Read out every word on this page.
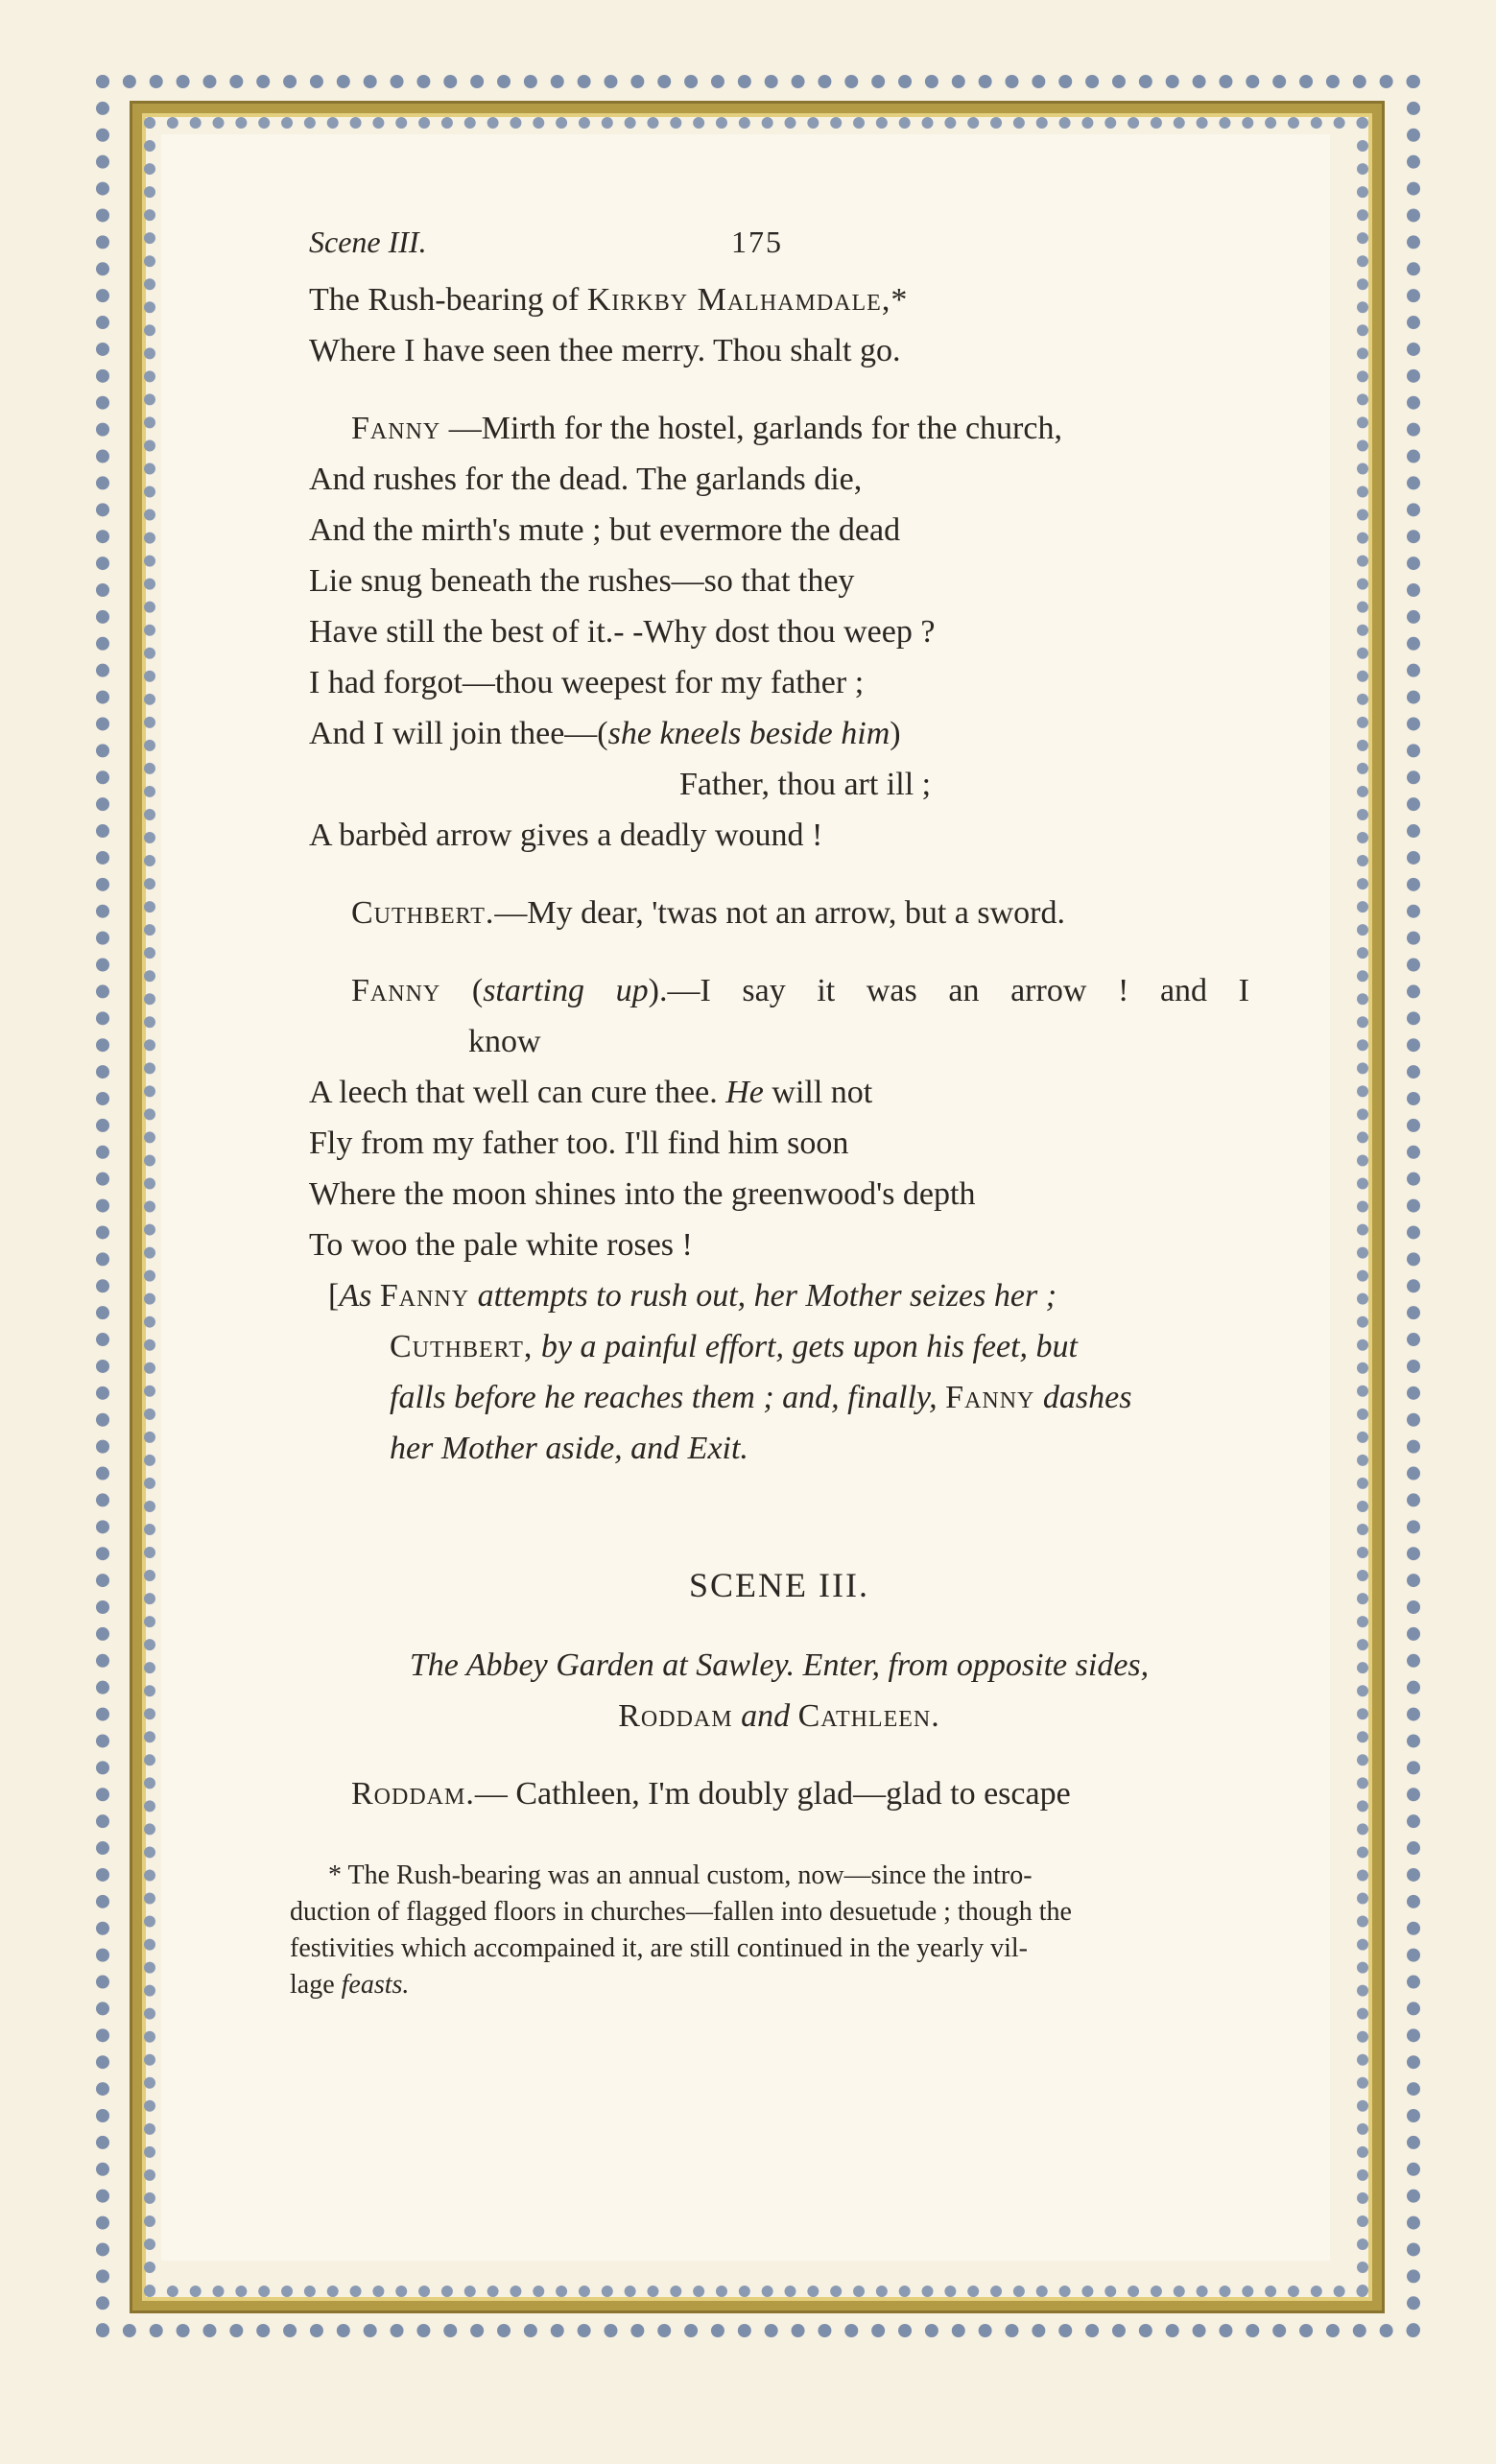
Scene III.	175
The Rush-bearing of Kirkby Malhamdale,*
Where I have seen thee merry. Thou shalt go.
Fanny —Mirth for the hostel, garlands for the church,
And rushes for the dead. The garlands die,
And the mirth's mute ; but evermore the dead
Lie snug beneath the rushes—so that they
Have still the best of it.- -Why dost thou weep ?
I had forgot—thou weepest for my father ;
And I will join thee—(she kneels beside him)
Father, thou art ill ;
A barbèd arrow gives a deadly wound !
Cuthbert.—My dear, 'twas not an arrow, but a sword.
Fanny (starting up).—I say it was an arrow ! and I
know
A leech that well can cure thee. He will not
Fly from my father too. I'll find him soon
Where the moon shines into the greenwood's depth
To woo the pale white roses !
[As Fanny attempts to rush out, her Mother seizes her ;
Cuthbert, by a painful effort, gets upon his feet, but
falls before he reaches them ; and, finally, Fanny dashes
her Mother aside, and Exit.
SCENE III.
The Abbey Garden at Sawley. Enter, from opposite sides,
Roddam and Cathleen.
Roddam.— Cathleen, I'm doubly glad—glad to escape
* The Rush-bearing was an annual custom, now—since the intro-
duction of flagged floors in churches—fallen into desuetude ; though the
festivities which accompained it, are still continued in the yearly vil-
lage feasts.
